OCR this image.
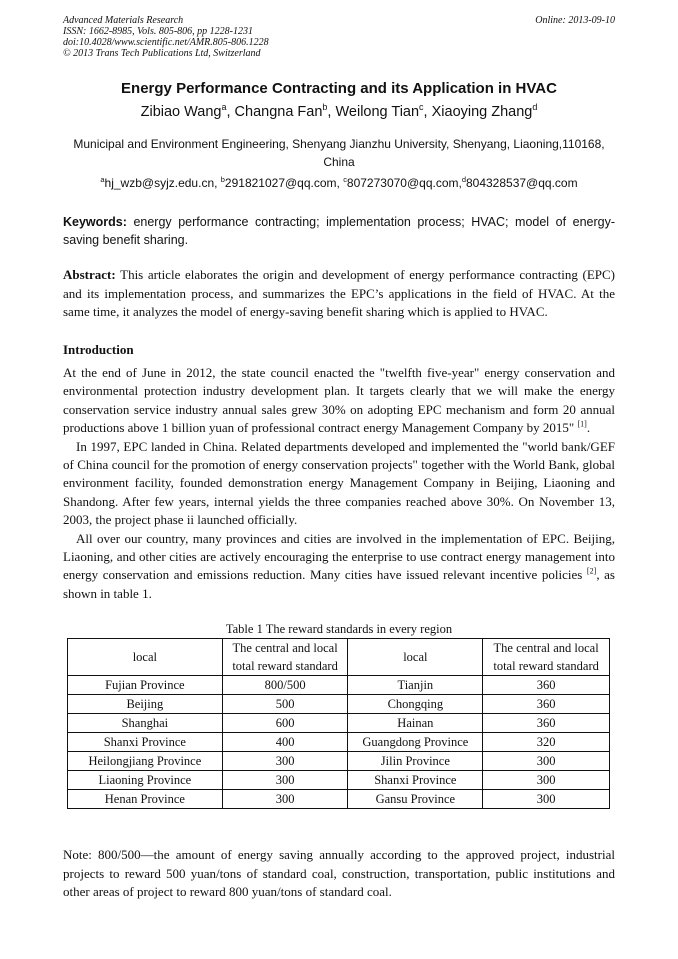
Advanced Materials Research
ISSN: 1662-8985, Vols. 805-806, pp 1228-1231
doi:10.4028/www.scientific.net/AMR.805-806.1228
© 2013 Trans Tech Publications Ltd, Switzerland
Online: 2013-09-10
Energy Performance Contracting and its Application in HVAC
Zibiao Wang$^a$, Changna Fan$^b$, Weilong Tian$^c$, Xiaoying Zhang$^d$
Municipal and Environment Engineering, Shenyang Jianzhu University, Shenyang, Liaoning,110168, China
$^a$hj_wzb@syjz.edu.cn, $^b$291821027@qq.com, $^c$807273070@qq.com,$^d$804328537@qq.com
Keywords: energy performance contracting; implementation process; HVAC; model of energy-saving benefit sharing.
Abstract: This article elaborates the origin and development of energy performance contracting (EPC) and its implementation process, and summarizes the EPC’s applications in the field of HVAC. At the same time, it analyzes the model of energy-saving benefit sharing which is applied to HVAC.
Introduction

At the end of June in 2012, the state council enacted the "twelfth five-year" energy conservation and environmental protection industry development plan. It targets clearly that we will make the energy conservation service industry annual sales grew 30% on adopting EPC mechanism and form 20 annual productions above 1 billion yuan of professional contract energy Management Company by 2015" [1].

In 1997, EPC landed in China. Related departments developed and implemented the "world bank/GEF of China council for the promotion of energy conservation projects" together with the World Bank, global environment facility, founded demonstration energy Management Company in Beijing, Liaoning and Shandong. After few years, internal yields the three companies reached above 30%. On November 13, 2003, the project phase ii launched officially.

All over our country, many provinces and cities are involved in the implementation of EPC. Beijing, Liaoning, and other cities are actively encouraging the enterprise to use contract energy management into energy conservation and emissions reduction. Many cities have issued relevant incentive policies [2], as shown in table 1.

Table 1 The reward standards in every region
local	The central and local total reward standard	local	The central and local total reward standard
Fujian Province	800/500	Tianjin	360
Beijing	500	Chongqing	360
Shanghai	600	Hainan	360
Shanxi Province	400	Guangdong Province	320
Heilongjiang Province	300	Jilin Province	300
Liaoning Province	300	Shanxi Province	300
Henan Province	300	Gansu Province	300
Note: 800/500—the amount of energy saving annually according to the approved project, industrial projects to reward 500 yuan/tons of standard coal, construction, transportation, public institutions and other areas of project to reward 800 yuan/tons of standard coal.
